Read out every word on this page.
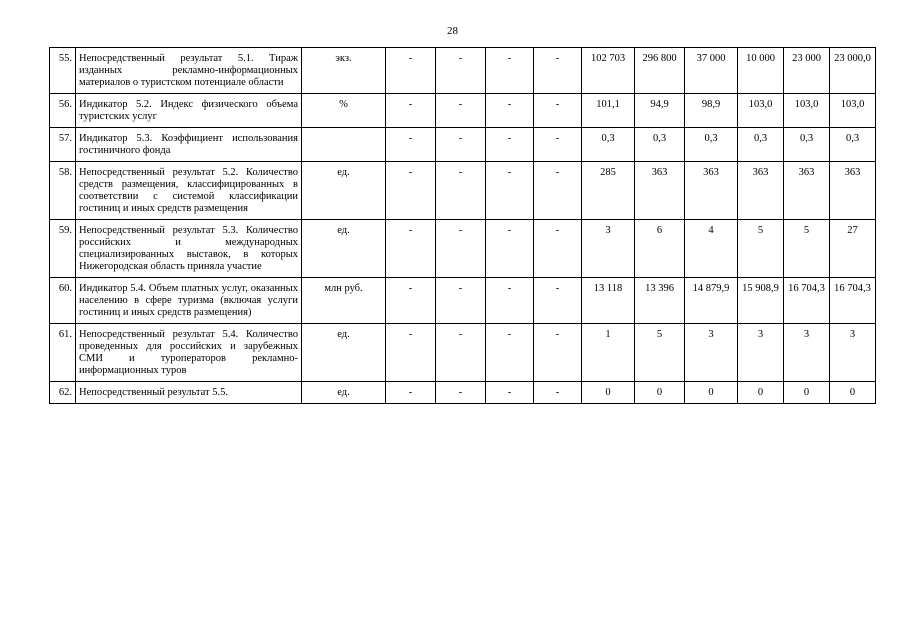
28
55.	Непосредственный результат 5.1. Тираж изданных рекламно-информационных материалов о туристском потенциале области	экз.	-	-	-	-	102 703	296 800	37 000	10 000	23 000	23 000,0
56.	Индикатор 5.2. Индекс физического объема туристских услуг	%	-	-	-	-	101,1	94,9	98,9	103,0	103,0	103,0
57.	Индикатор 5.3. Коэффициент использования гостиничного фонда		-	-	-	-	0,3	0,3	0,3	0,3	0,3	0,3
58.	Непосредственный результат 5.2. Количество средств размещения, классифицированных в соответствии с системой классификации гостиниц и иных средств размещения	ед.	-	-	-	-	285	363	363	363	363	363
59.	Непосредственный результат 5.3. Количество российских и международных специализированных выставок, в которых Нижегородская область приняла участие	ед.	-	-	-	-	3	6	4	5	5	27
60.	Индикатор 5.4. Объем платных услуг, оказанных населению в сфере туризма (включая услуги гостиниц и иных средств размещения)	млн руб.	-	-	-	-	13 118	13 396	14 879,9	15 908,9	16 704,3	16 704,3
61.	Непосредственный результат 5.4. Количество проведенных для российских и зарубежных СМИ и туроператоров рекламно-информационных туров	ед.	-	-	-	-	1	5	3	3	3	3
62.	Непосредственный результат 5.5.	ед.	-	-	-	-	0	0	0	0	0	0
